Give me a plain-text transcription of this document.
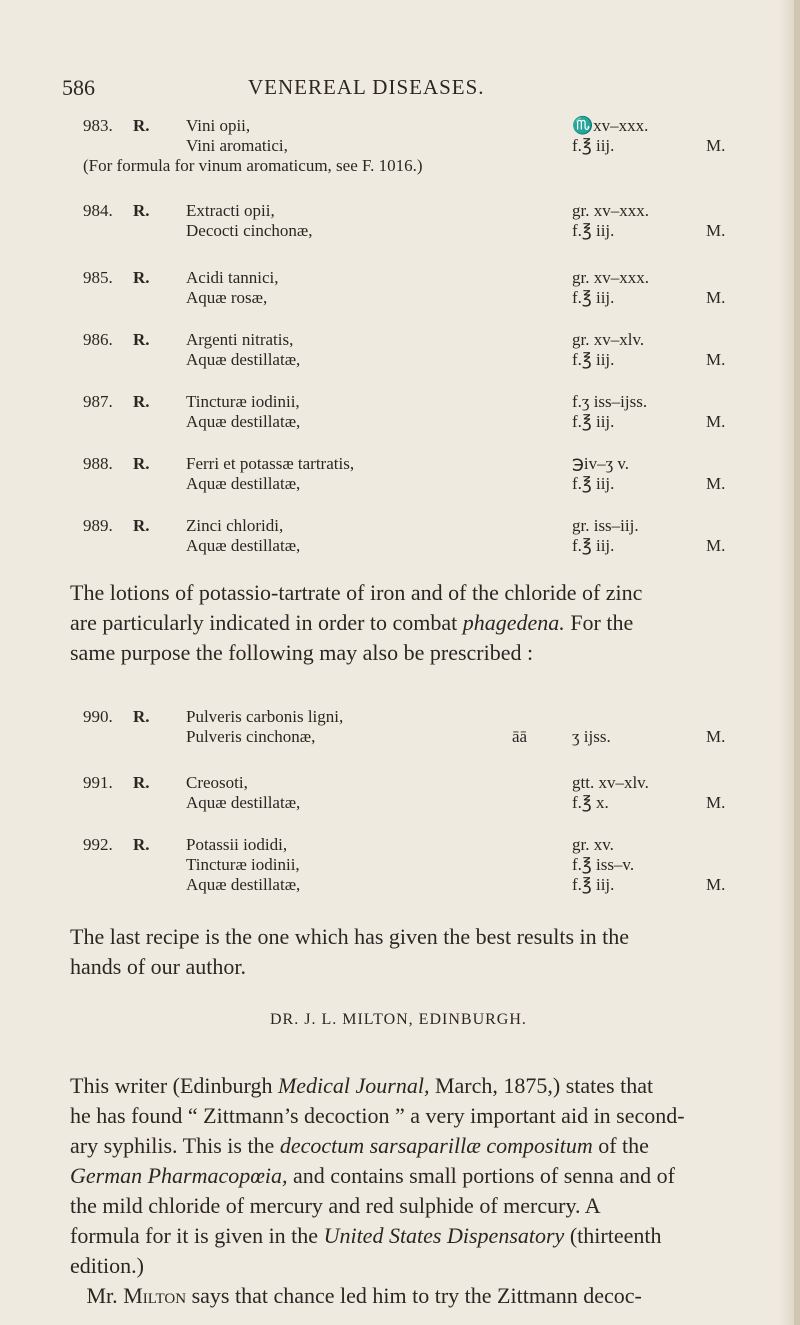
586	VENEREAL DISEASES.
983. R. Vini opii,	♏xv–xxx.
Vini aromatici,	f.℥ iij.	M.
(For formula for vinum aromaticum, see F. 1016.)
984. R. Extracti opii,	gr. xv–xxx.
Decocti cinchonæ,	f.℥ iij.	M.
985. R. Acidi tannici,	gr. xv–xxx.
Aquæ rosæ,	f.℥ iij.	M.
986. R. Argenti nitratis,	gr. xv–xlv.
Aquæ destillatæ,	f.℥ iij.	M.
987. R. Tincturæ iodinii,	f.ʒ iss–ijss.
Aquæ destillatæ,	f.℥ iij.	M.
988. R. Ferri et potassæ tartratis,	℈iv–ʒ v.
Aquæ destillatæ,	f.℥ iij.	M.
989. R. Zinci chloridi,	gr. iss–iij.
Aquæ destillatæ,	f.℥ iij.	M.
990. R. Pulveris carbonis ligni,
Pulveris cinchonæ,	āā	ʒ ijss.	M.
991. R. Creosoti,	gtt. xv–xlv.
Aquæ destillatæ,	f.℥ x.	M.
992. R. Potassii iodidi,	gr. xv.
Tincturæ iodinii,	f.℥ iss–v.
Aquæ destillatæ,	f.℥ iij.	M.

The lotions of potassio-tartrate of iron and of the chloride of zinc

are particularly indicated in order to combat phagedena. For the

same purpose the following may also be prescribed :

The last recipe is the one which has given the best results in the

hands of our author.

DR. J. L. MILTON, EDINBURGH.

This writer (Edinburgh Medical Journal, March, 1875,) states that

he has found “ Zittmann’s decoction ” a very important aid in second-

ary syphilis. This is the decoctum sarsaparillæ compositum of the

German Pharmacopœia, and contains small portions of senna and of

the mild chloride of mercury and red sulphide of mercury. A

formula for it is given in the United States Dispensatory (thirteenth

edition.)

Mr. Milton says that chance led him to try the Zittmann decoc-
